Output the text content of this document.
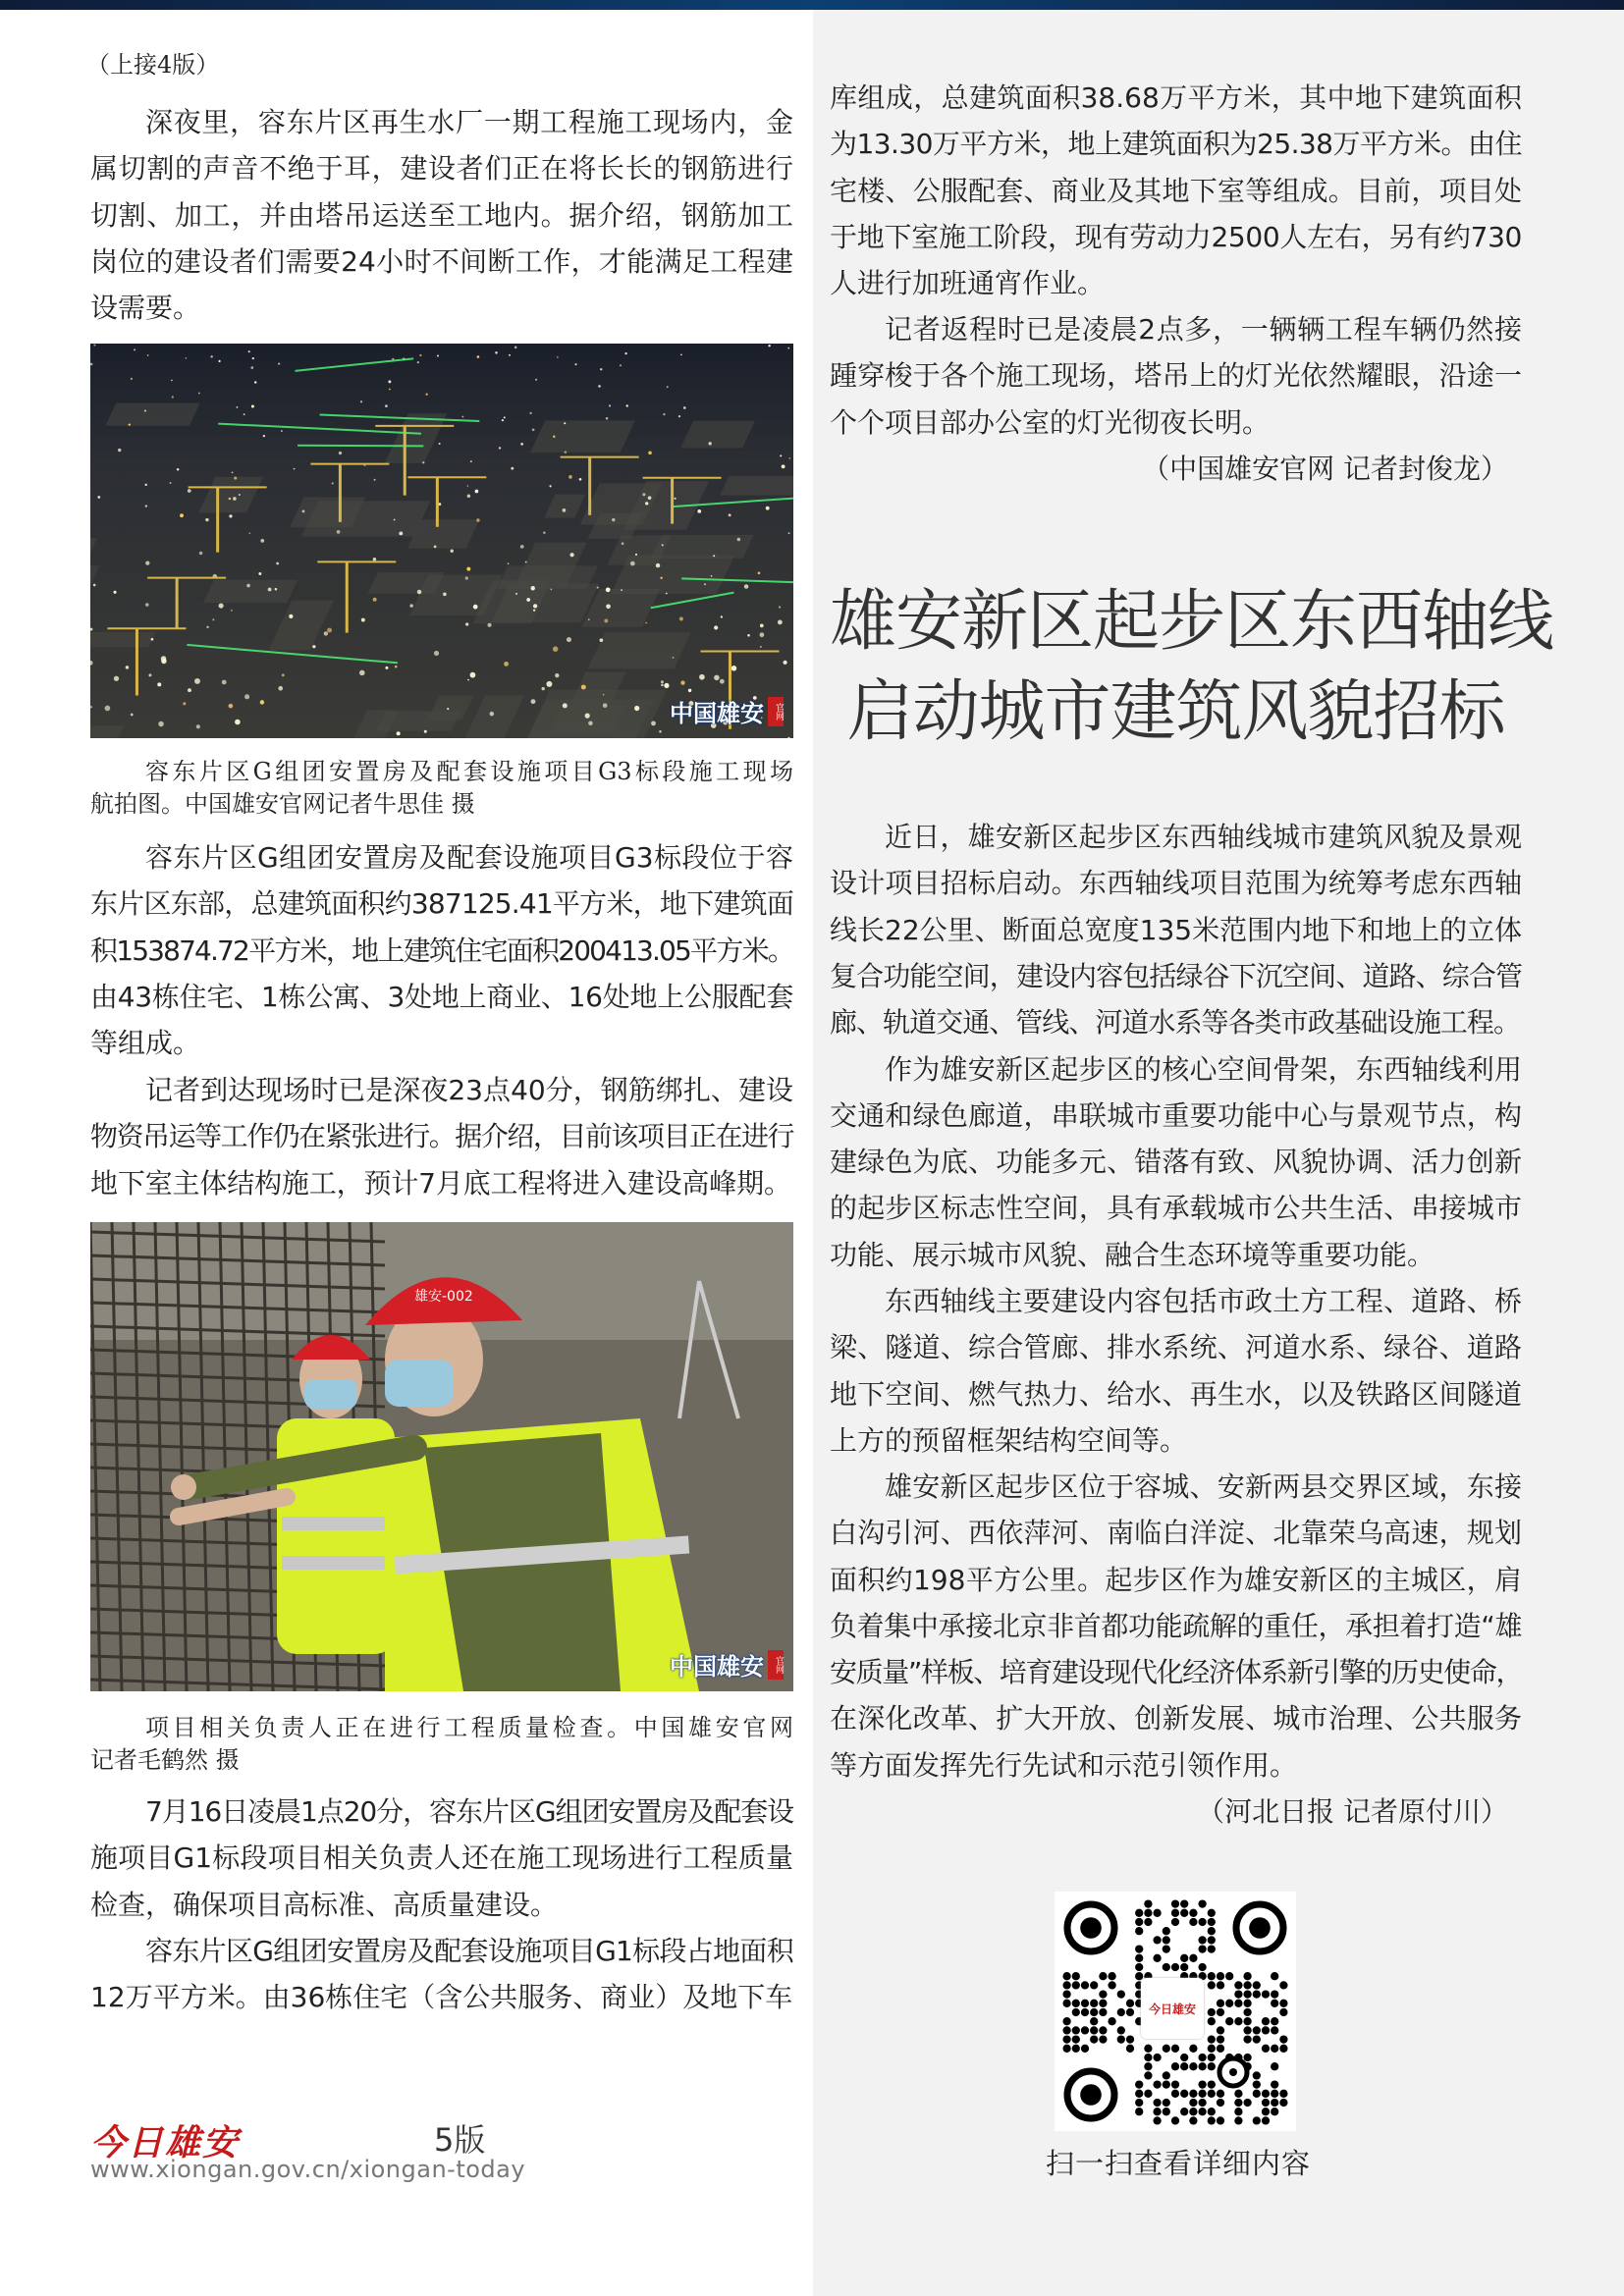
（上接4版）
深夜里，容东片区再生水厂一期工程施工现场内，金
属切割的声音不绝于耳，建设者们正在将长长的钢筋进行
切割、加工，并由塔吊运送至工地内。据介绍，钢筋加工
岗位的建设者们需要24小时不间断工作，才能满足工程建
设需要。
中国雄安	官网
容东片区G组团安置房及配套设施项目G3标段施工现场
航拍图。中国雄安官网记者牛思佳 摄
容东片区G组团安置房及配套设施项目G3标段位于容
东片区东部，总建筑面积约387125.41平方米，地下建筑面
积153874.72平方米，地上建筑住宅面积200413.05平方米。
由43栋住宅、1栋公寓、3处地上商业、16处地上公服配套
等组成。
记者到达现场时已是深夜23点40分，钢筋绑扎、建设
物资吊运等工作仍在紧张进行。据介绍，目前该项目正在进行
地下室主体结构施工，预计7月底工程将进入建设高峰期。
雄安-002
中国雄安	官网
项目相关负责人正在进行工程质量检查。中国雄安官网
记者毛鹤然 摄
7月16日凌晨1点20分，容东片区G组团安置房及配套设
施项目G1标段项目相关负责人还在施工现场进行工程质量
检查，确保项目高标准、高质量建设。
容东片区G组团安置房及配套设施项目G1标段占地面积
12万平方米。由36栋住宅（含公共服务、商业）及地下车
今日雄安	5版
www.xiongan.gov.cn/xiongan-today
库组成，总建筑面积38.68万平方米，其中地下建筑面积
为13.30万平方米，地上建筑面积为25.38万平方米。由住
宅楼、公服配套、商业及其地下室等组成。目前，项目处
于地下室施工阶段，现有劳动力2500人左右，另有约730
人进行加班通宵作业。
记者返程时已是凌晨2点多，一辆辆工程车辆仍然接
踵穿梭于各个施工现场，塔吊上的灯光依然耀眼，沿途一
个个项目部办公室的灯光彻夜长明。
（中国雄安官网 记者封俊龙）
雄安新区起步区东西轴线
启动城市建筑风貌招标
近日，雄安新区起步区东西轴线城市建筑风貌及景观
设计项目招标启动。东西轴线项目范围为统筹考虑东西轴
线长22公里、断面总宽度135米范围内地下和地上的立体
复合功能空间，建设内容包括绿谷下沉空间、道路、综合管
廊、轨道交通、管线、河道水系等各类市政基础设施工程。
作为雄安新区起步区的核心空间骨架，东西轴线利用
交通和绿色廊道，串联城市重要功能中心与景观节点，构
建绿色为底、功能多元、错落有致、风貌协调、活力创新
的起步区标志性空间，具有承载城市公共生活、串接城市
功能、展示城市风貌、融合生态环境等重要功能。
东西轴线主要建设内容包括市政土方工程、道路、桥
梁、隧道、综合管廊、排水系统、河道水系、绿谷、道路
地下空间、燃气热力、给水、再生水，以及铁路区间隧道
上方的预留框架结构空间等。
雄安新区起步区位于容城、安新两县交界区域，东接
白沟引河、西依萍河、南临白洋淀、北靠荣乌高速，规划
面积约198平方公里。起步区作为雄安新区的主城区，肩
负着集中承接北京非首都功能疏解的重任，承担着打造“雄
安质量”样板、培育建设现代化经济体系新引擎的历史使命，
在深化改革、扩大开放、创新发展、城市治理、公共服务
等方面发挥先行先试和示范引领作用。
（河北日报 记者原付川）
今日雄安
扫一扫查看详细内容
